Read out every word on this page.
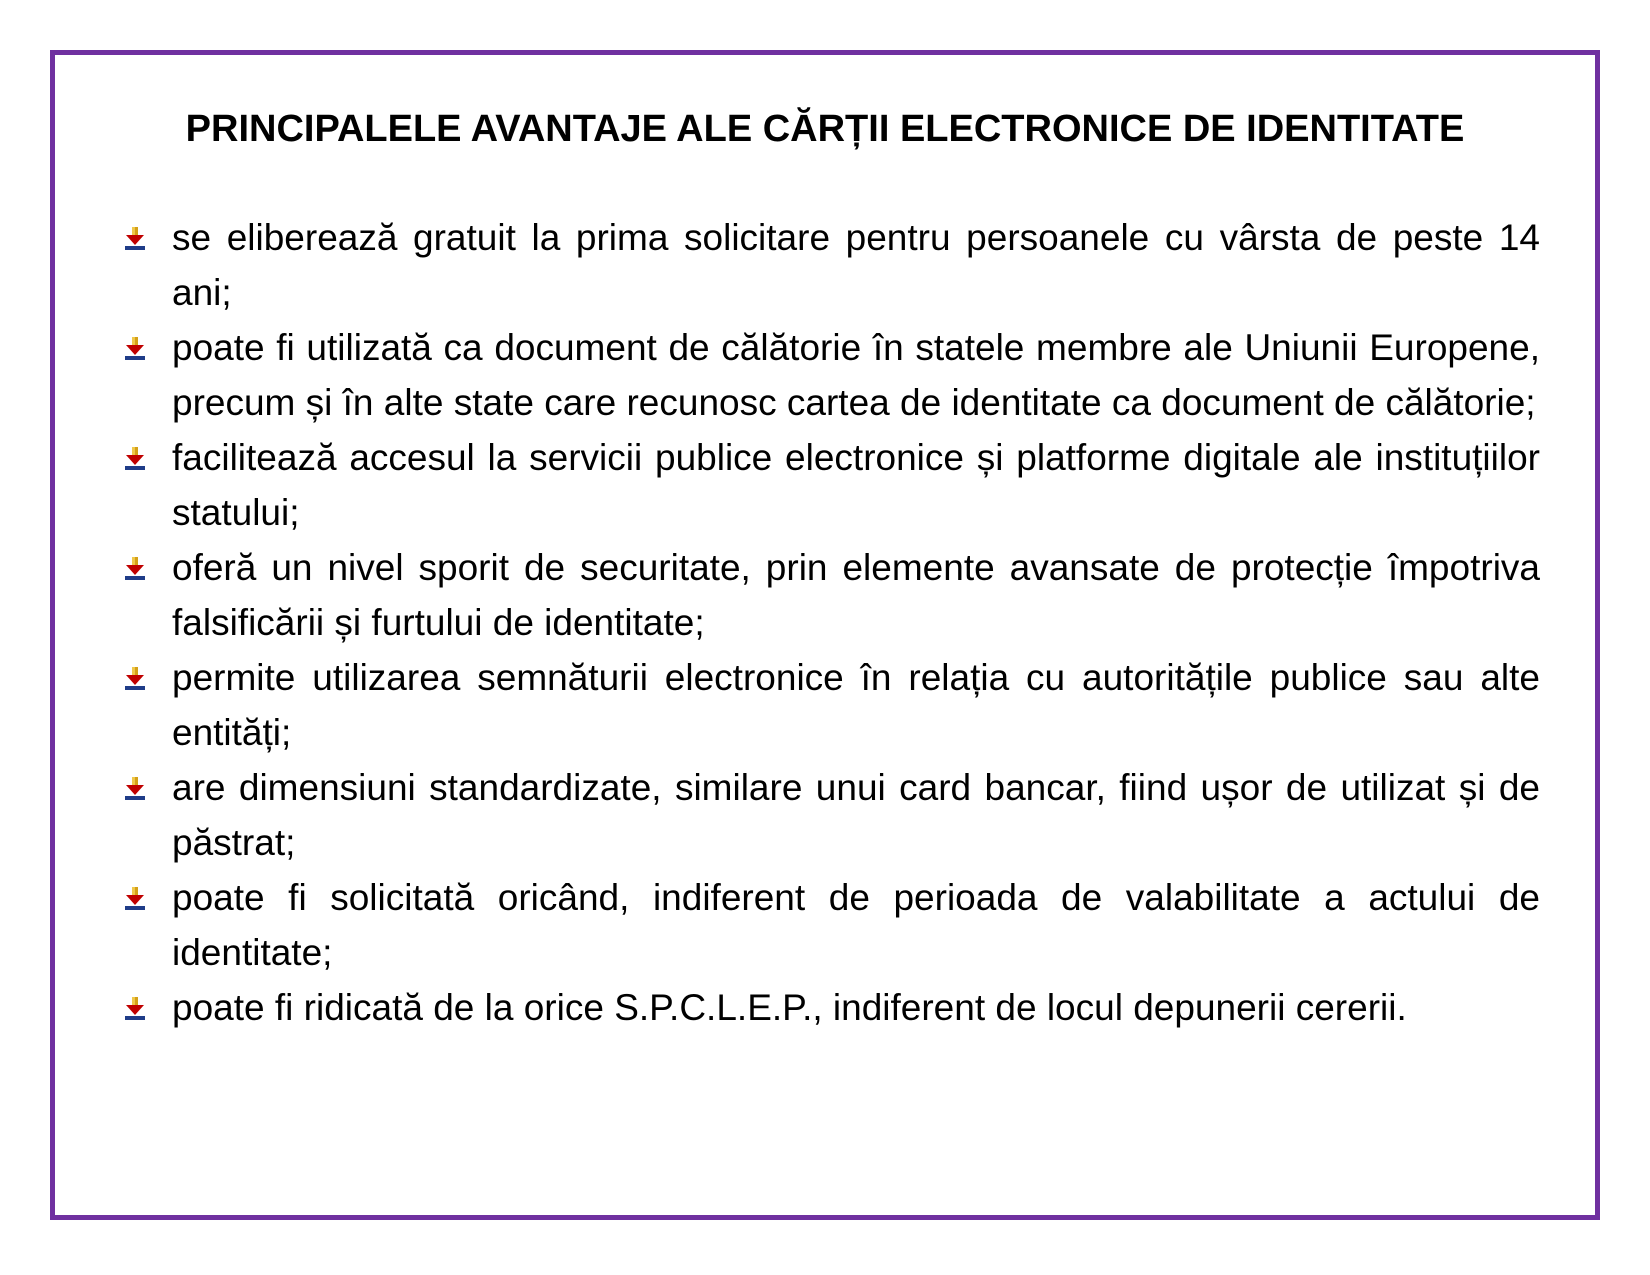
PRINCIPALELE AVANTAJE ALE CĂRȚII ELECTRONICE DE IDENTITATE
se eliberează gratuit la prima solicitare pentru persoanele cu vârsta de peste 14 ani;
poate fi utilizată ca document de călătorie în statele membre ale Uniunii Europene, precum și în alte state care recunosc cartea de identitate ca document de călătorie;
facilitează accesul la servicii publice electronice și platforme digitale ale instituțiilor statului;
oferă un nivel sporit de securitate, prin elemente avansate de protecție împotriva falsificării și furtului de identitate;
permite utilizarea semnăturii electronice în relația cu autoritățile publice sau alte entități;
are dimensiuni standardizate, similare unui card bancar, fiind ușor de utilizat și de păstrat;
poate fi solicitată oricând, indiferent de perioada de valabilitate a actului de identitate;
poate fi ridicată de la orice S.P.C.L.E.P., indiferent de locul depunerii cererii.
